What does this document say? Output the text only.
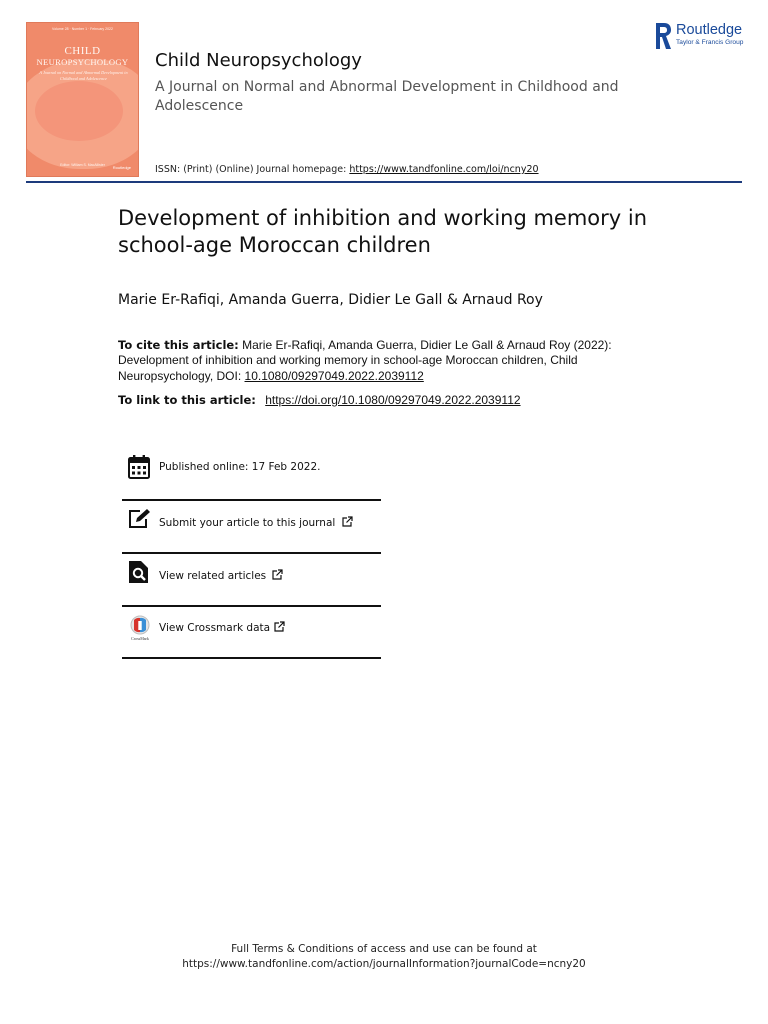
Volume 28 · Number 1 · February 2022
CHILD
NEUROPSYCHOLOGY
A Journal on Normal and Abnormal Development in Childhood and Adolescence
Editor: William S. MacAllister	Routledge
Child Neuropsychology
A Journal on Normal and Abnormal Development in Childhood and Adolescence
ISSN: (Print) (Online) Journal homepage: https://www.tandfonline.com/loi/ncny20
Routledge
Taylor & Francis Group
Development of inhibition and working memory in school-age Moroccan children
Marie Er-Rafiqi, Amanda Guerra, Didier Le Gall & Arnaud Roy
To cite this article: Marie Er-Rafiqi, Amanda Guerra, Didier Le Gall & Arnaud Roy (2022): Development of inhibition and working memory in school-age Moroccan children, Child Neuropsychology, DOI: 10.1080/09297049.2022.2039112
To link to this article: https://doi.org/10.1080/09297049.2022.2039112
Published online: 17 Feb 2022.
Submit your article to this journal
View related articles
CrossMark
View Crossmark data
Full Terms & Conditions of access and use can be found at
https://www.tandfonline.com/action/journalInformation?journalCode=ncny20
